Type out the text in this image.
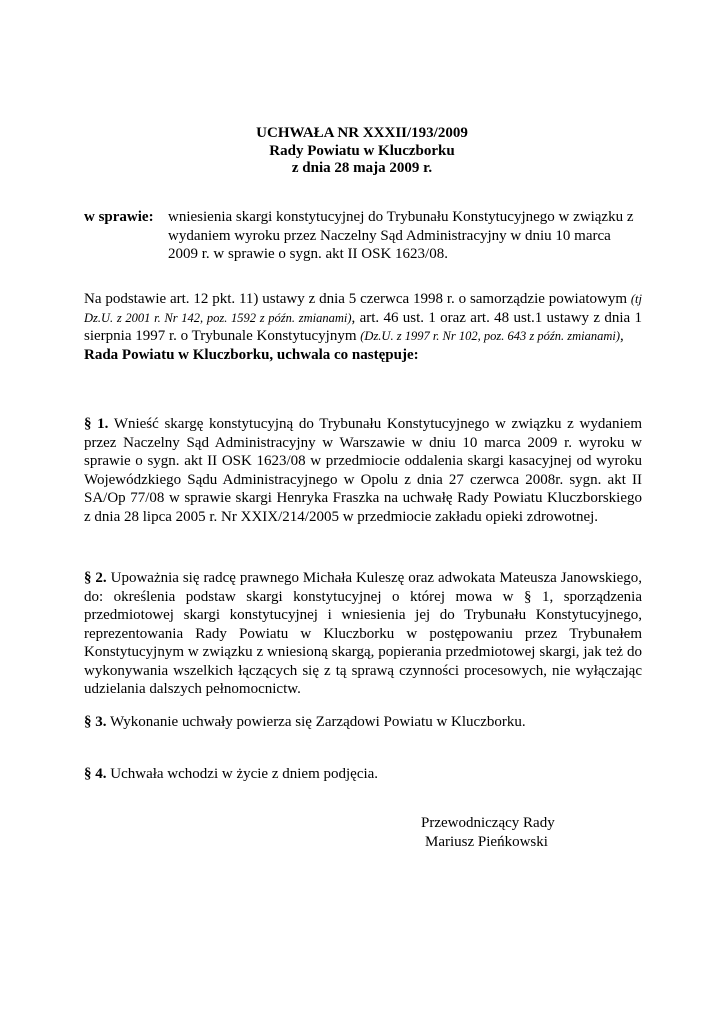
UCHWAŁA NR XXXII/193/2009
Rady Powiatu w Kluczborku
z dnia 28 maja 2009 r.
w sprawie: wniesienia skargi konstytucyjnej do Trybunału Konstytucyjnego w związku z wydaniem wyroku przez Naczelny Sąd Administracyjny w dniu 10 marca 2009 r. w sprawie o sygn. akt II OSK 1623/08.
Na podstawie art. 12 pkt. 11) ustawy z dnia 5 czerwca 1998 r. o samorządzie powiatowym (tj Dz.U. z 2001 r. Nr 142, poz. 1592 z późn. zmianami), art. 46 ust. 1 oraz art. 48 ust.1 ustawy z dnia 1 sierpnia 1997 r. o Trybunale Konstytucyjnym (Dz.U. z 1997 r. Nr 102, poz. 643 z późn. zmianami),
Rada Powiatu w Kluczborku, uchwala co następuje:
§ 1. Wnieść skargę konstytucyjną do Trybunału Konstytucyjnego w związku z wydaniem przez Naczelny Sąd Administracyjny w Warszawie w dniu 10 marca 2009 r. wyroku w sprawie o sygn. akt II OSK 1623/08 w przedmiocie oddalenia skargi kasacyjnej od wyroku Wojewódzkiego Sądu Administracyjnego w Opolu z dnia 27 czerwca 2008r. sygn. akt II SA/Op 77/08 w sprawie skargi Henryka Fraszka na uchwałę Rady Powiatu Kluczborskiego z dnia 28 lipca 2005 r. Nr XXIX/214/2005 w przedmiocie zakładu opieki zdrowotnej.
§ 2. Upoważnia się radcę prawnego Michała Kuleszę oraz adwokata Mateusza Janowskiego, do: określenia podstaw skargi konstytucyjnej o której mowa w § 1, sporządzenia przedmiotowej skargi konstytucyjnej i wniesienia jej do Trybunału Konstytucyjnego, reprezentowania Rady Powiatu w Kluczborku w postępowaniu przez Trybunałem Konstytucyjnym w związku z wniesioną skargą, popierania przedmiotowej skargi, jak też do wykonywania wszelkich łączących się z tą sprawą czynności procesowych, nie wyłączając udzielania dalszych pełnomocnictw.
§ 3. Wykonanie uchwały powierza się Zarządowi Powiatu w Kluczborku.
§ 4. Uchwała wchodzi w życie z dniem podjęcia.
Przewodniczący Rady
Mariusz Pieńkowski
